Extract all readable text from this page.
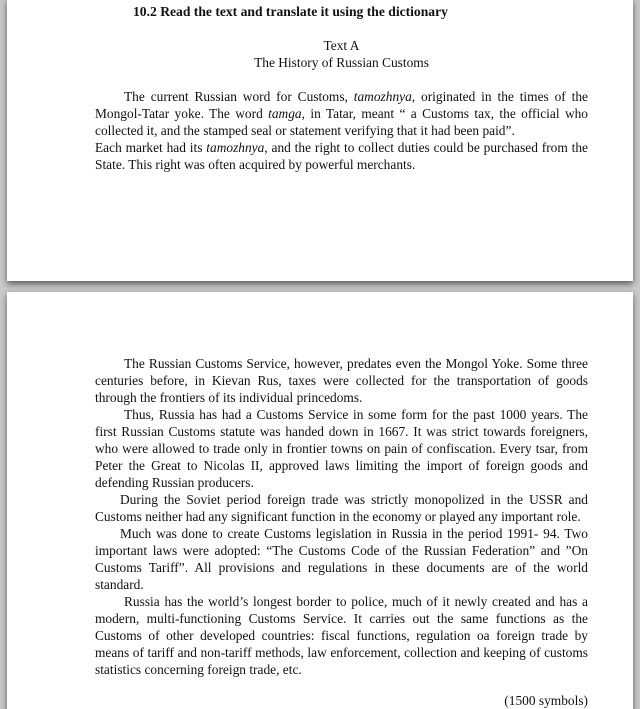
10.2 Read the text and translate it using the dictionary
Text A
The History of Russian Customs

The current Russian word for Customs, tamozhnya, originated in the times of the Mongol-Tatar yoke. The word tamga, in Tatar, meant “ a Customs tax, the official who collected it, and the stamped seal or statement verifying that it had been paid”.

Each market had its tamozhnya, and the right to collect duties could be purchased from the State. This right was often acquired by powerful merchants.

The Russian Customs Service, however, predates even the Mongol Yoke. Some three centuries before, in Kievan Rus, taxes were collected for the transportation of goods through the frontiers of its individual princedoms.

Thus, Russia has had a Customs Service in some form for the past 1000 years. The first Russian Customs statute was handed down in 1667. It was strict towards foreigners, who were allowed to trade only in frontier towns on pain of confiscation. Every tsar, from Peter the Great to Nicolas II, approved laws limiting the import of foreign goods and defending Russian producers.

During the Soviet period foreign trade was strictly monopolized in the USSR and Customs neither had any significant function in the economy or played any important role.

Much was done to create Customs legislation in Russia in the period 1991- 94. Two important laws were adopted: “The Customs Code of the Russian Federation” and ”On Customs Tariff”. All provisions and regulations in these documents are of the world standard.

Russia has the world’s longest border to police, much of it newly created and has a modern, multi-functioning Customs Service. It carries out the same functions as the Customs of other developed countries: fiscal functions, regulation oa foreign trade by means of tariff and non-tariff methods, law enforcement, collection and keeping of customs statistics concerning foreign trade, etc.

(1500 symbols)
